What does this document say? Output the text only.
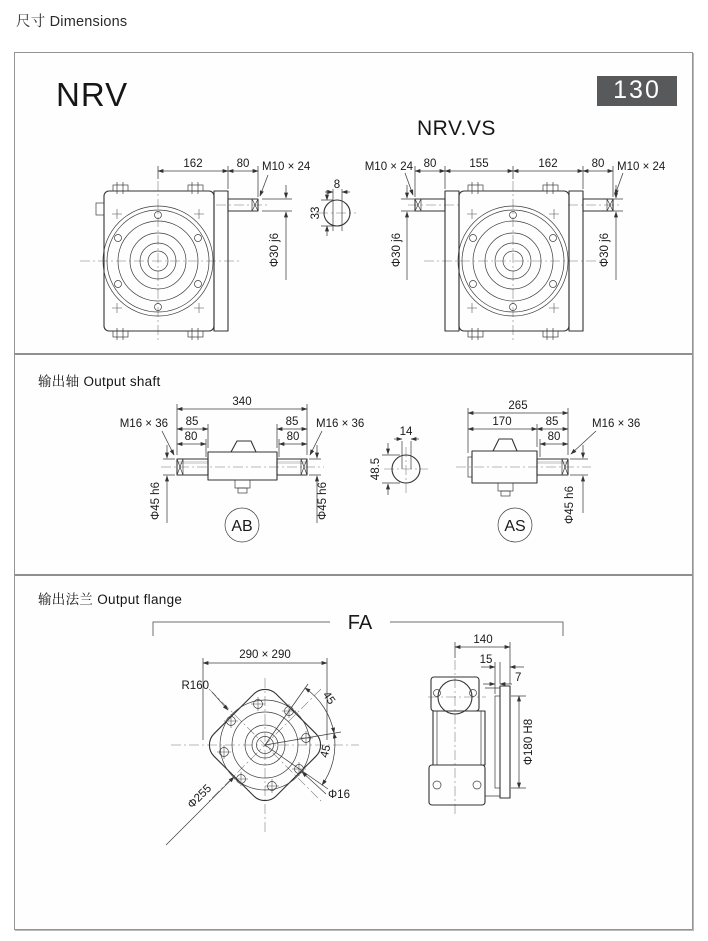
尺寸 Dimensions
NRV	130
NRV.VS
输出轴 Output shaft
输出法兰 Output flange
162	80 M10 × 24
Φ30 j6
8
33
80	155	162	80
M10 × 24	M10 × 24
Φ30 j6	Φ30 j6
340
85
80
85
80
M16 × 36	M16 × 36
Φ45 h6	Φ45 h6
AB
14
48.5
265
170	85
80
M16 × 36
Φ45 h6
AS
FA
45
45
290 × 290
R160
Φ255	Φ16
140
15
7
Φ180 H8
